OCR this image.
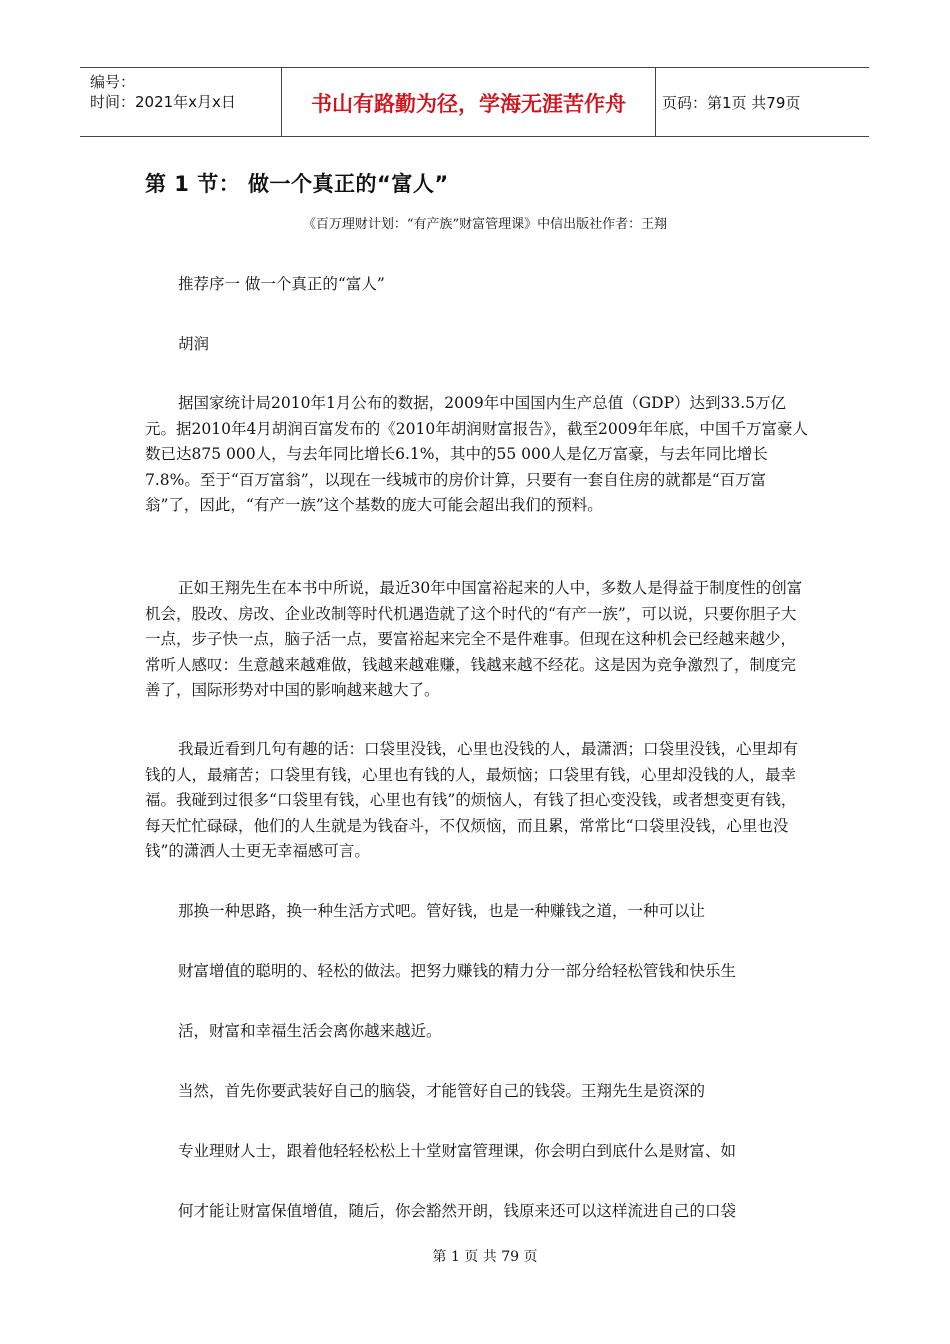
编号：
时间：2021年x月x日	书山有路勤为径，学海无涯苦作舟	页码：第1页 共79页
第 1 节： 做一个真正的“富人”
《百万理财计划：“有产族”财富管理课》中信出版社作者：王翔

推荐序一 做一个真正的“富人”

胡润

据国家统计局2010年1月公布的数据，2009年中国国内生产总值（GDP）达到33.5万亿元。据2010年4月胡润百富发布的《2010年胡润财富报告》，截至2009年年底，中国千万富豪人数已达875 000人，与去年同比增长6.1%，其中的55 000人是亿万富豪，与去年同比增长7.8%。至于“百万富翁”，以现在一线城市的房价计算，只要有一套自住房的就都是“百万富翁”了，因此，“有产一族”这个基数的庞大可能会超出我们的预料。

正如王翔先生在本书中所说，最近30年中国富裕起来的人中，多数人是得益于制度性的创富机会，股改、房改、企业改制等时代机遇造就了这个时代的“有产一族”，可以说，只要你胆子大一点，步子快一点，脑子活一点，要富裕起来完全不是件难事。但现在这种机会已经越来越少，常听人感叹：生意越来越难做，钱越来越难赚，钱越来越不经花。这是因为竞争激烈了，制度完善了，国际形势对中国的影响越来越大了。

我最近看到几句有趣的话：口袋里没钱，心里也没钱的人，最潇洒；口袋里没钱，心里却有钱的人，最痛苦；口袋里有钱，心里也有钱的人，最烦恼；口袋里有钱，心里却没钱的人，最幸福。我碰到过很多“口袋里有钱，心里也有钱”的烦恼人，有钱了担心变没钱，或者想变更有钱，每天忙忙碌碌，他们的人生就是为钱奋斗，不仅烦恼，而且累，常常比“口袋里没钱，心里也没钱”的潇洒人士更无幸福感可言。

那换一种思路，换一种生活方式吧。管好钱，也是一种赚钱之道，一种可以让

财富增值的聪明的、轻松的做法。把努力赚钱的精力分一部分给轻松管钱和快乐生

活，财富和幸福生活会离你越来越近。

当然，首先你要武装好自己的脑袋，才能管好自己的钱袋。王翔先生是资深的

专业理财人士，跟着他轻轻松松上十堂财富管理课，你会明白到底什么是财富、如

何才能让财富保值增值，随后，你会豁然开朗，钱原来还可以这样流进自己的口袋

第 1 页 共 79 页
